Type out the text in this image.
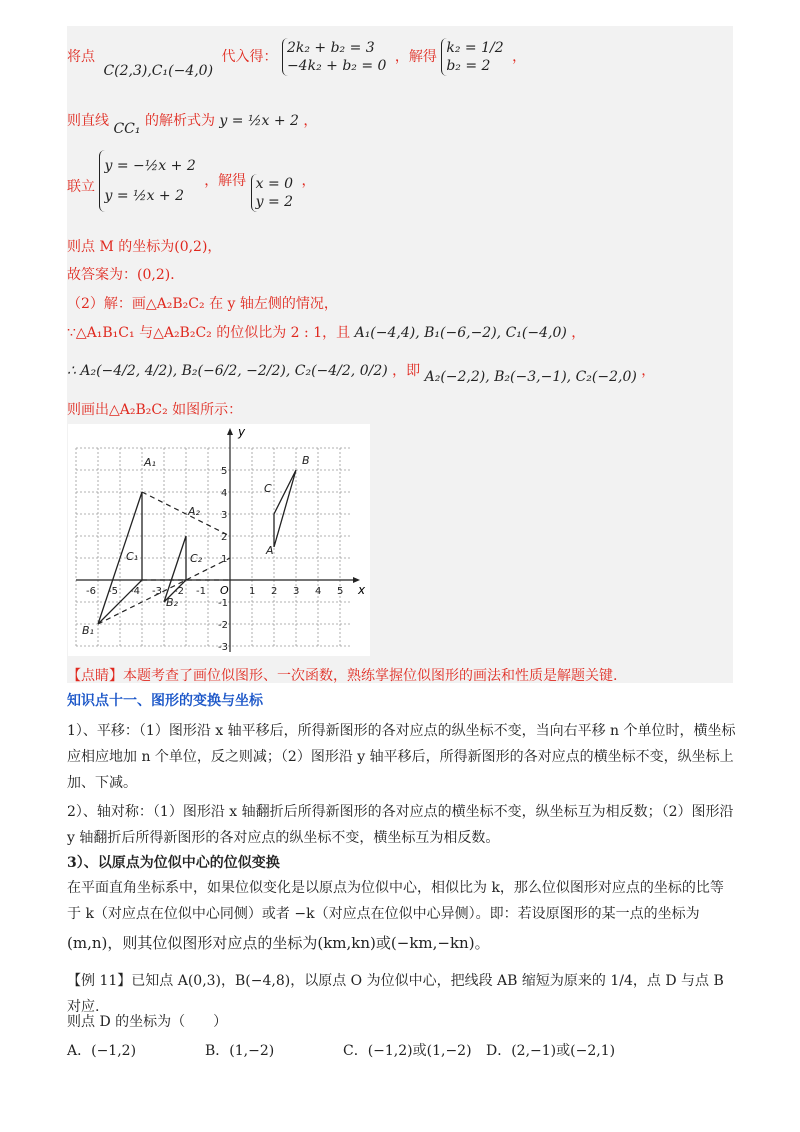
将点 C(2,3),C₁(−4,0) 代入得： 2k₂ + b₂ = 3
−4k₂ + b₂ = 0 ，解得 k₂ = 1/2
b₂ = 2 ，
则直线 CC₁ 的解析式为 y = ½x + 2 ，
联立 y = −½x + 2
y = ½x + 2 ，解得 x = 0
y = 2 ，
则点 M 的坐标为(0,2)，
故答案为：(0,2)．
（2）解：画△A₂B₂C₂ 在 y 轴左侧的情况，
∵△A₁B₁C₁ 与△A₂B₂C₂ 的位似比为 2 : 1，且 A₁(−4,4), B₁(−6,−2), C₁(−4,0) ，
∴ A₂(−4/2, 4/2), B₂(−6/2, −2/2), C₂(−4/2, 0/2) ，即 A₂(−2,2), B₂(−3,−1), C₂(−2,0) ，
则画出△A₂B₂C₂ 如图所示：
x
y
O
-6 -5 -4 -3 -2 -1	1 2 3 4 5
5
4
3
2
1
-1
-2
-3
A₁
B₁
C₁
A₂
B₂
C₂
A
B
C
【点睛】本题考查了画位似图形、一次函数，熟练掌握位似图形的画法和性质是解题关键.
知识点十一、图形的变换与坐标
1）、平移：（1）图形沿 x 轴平移后，所得新图形的各对应点的纵坐标不变，当向右平移 n 个单位时，横坐标应相应地加 n 个单位，反之则减；（2）图形沿 y 轴平移后，所得新图形的各对应点的横坐标不变，纵坐标上加、下减。
2）、轴对称：（1）图形沿 x 轴翻折后所得新图形的各对应点的横坐标不变，纵坐标互为相反数；（2）图形沿 y 轴翻折后所得新图形的各对应点的纵坐标不变，横坐标互为相反数。
3）、以原点为位似中心的位似变换
在平面直角坐标系中，如果位似变化是以原点为位似中心，相似比为 k，那么位似图形对应点的坐标的比等于 k（对应点在位似中心同侧）或者 −k（对应点在位似中心异侧）。即：若设原图形的某一点的坐标为
(m,n)，则其位似图形对应点的坐标为(km,kn)或(−km,−kn)。
【例 11】已知点 A(0,3)，B(−4,8)，以原点 O 为位似中心，把线段 AB 缩短为原来的 1/4，点 D 与点 B 对应.
则点 D 的坐标为（　　）
A．(−1,2)	B．(1,−2)	C．(−1,2)或(1,−2) D．(2,−1)或(−2,1)
